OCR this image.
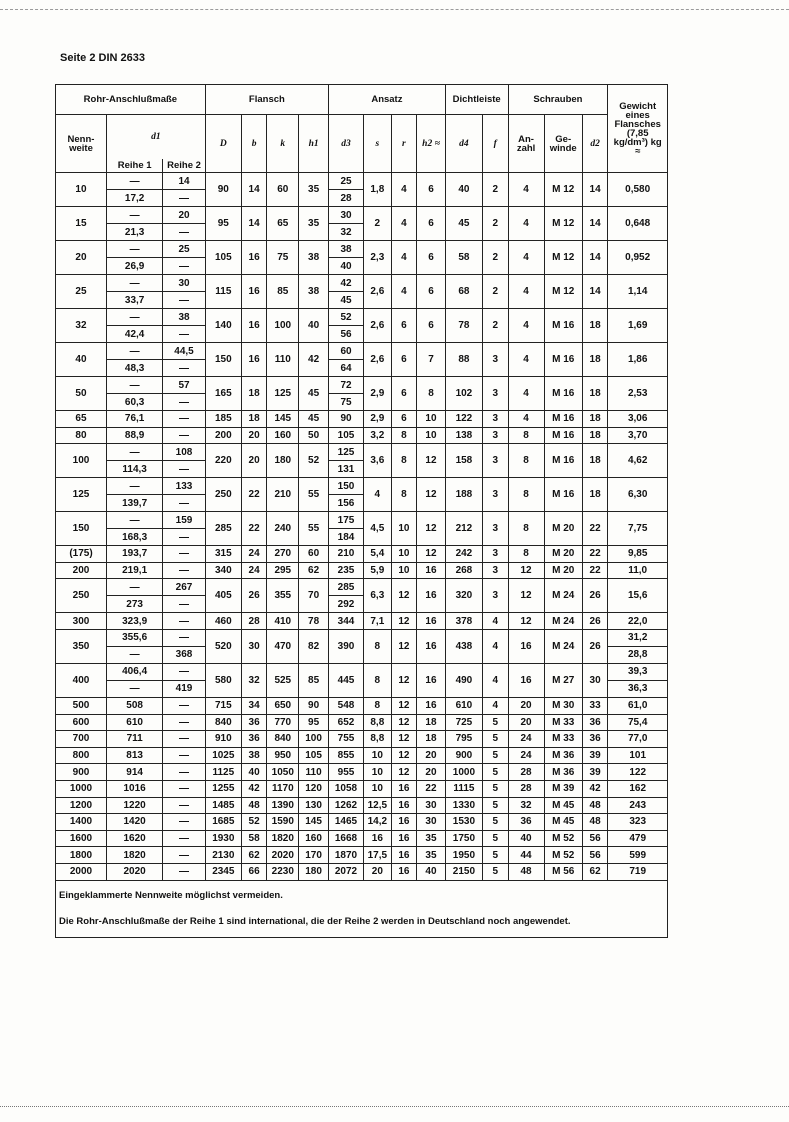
Seite 2 DIN 2633
Rohr-Anschlußmaße			Flansch				Ansatz				Dichtleiste		Schrauben			Gewicht eines Flansches (7,85 kg/dm³) kg ≈
Nenn-weite	d1		D	b	k	h1	d3	s	r	h2 ≈	d4	f	An-zahl	Ge-winde	d2	
	Reihe 1	Reihe 2														
10	—	14	90	14	60	35	25	1,8	4	6	40	2	4	M 12	14	0,580
	17,2	—					28									
15	—	20	95	14	65	35	30	2	4	6	45	2	4	M 12	14	0,648
	21,3	—					32									
20	—	25	105	16	75	38	38	2,3	4	6	58	2	4	M 12	14	0,952
	26,9	—					40									
25	—	30	115	16	85	38	42	2,6	4	6	68	2	4	M 12	14	1,14
	33,7	—					45									
32	—	38	140	16	100	40	52	2,6	6	6	78	2	4	M 16	18	1,69
	42,4	—					56									
40	—	44,5	150	16	110	42	60	2,6	6	7	88	3	4	M 16	18	1,86
	48,3	—					64									
50	—	57	165	18	125	45	72	2,9	6	8	102	3	4	M 16	18	2,53
	60,3	—					75									
65	76,1	—	185	18	145	45	90	2,9	6	10	122	3	4	M 16	18	3,06
80	88,9	—	200	20	160	50	105	3,2	8	10	138	3	8	M 16	18	3,70
100	—	108	220	20	180	52	125	3,6	8	12	158	3	8	M 16	18	4,62
	114,3	—					131									
125	—	133	250	22	210	55	150	4	8	12	188	3	8	M 16	18	6,30
	139,7	—					156									
150	—	159	285	22	240	55	175	4,5	10	12	212	3	8	M 20	22	7,75
	168,3	—					184									
(175)	193,7	—	315	24	270	60	210	5,4	10	12	242	3	8	M 20	22	9,85
200	219,1	—	340	24	295	62	235	5,9	10	16	268	3	12	M 20	22	11,0
250	—	267	405	26	355	70	285	6,3	12	16	320	3	12	M 24	26	15,6
	273	—					292									
300	323,9	—	460	28	410	78	344	7,1	12	16	378	4	12	M 24	26	22,0
350	355,6	—	520	30	470	82	390	8	12	16	438	4	16	M 24	26	31,2
	—	368														28,8
400	406,4	—	580	32	525	85	445	8	12	16	490	4	16	M 27	30	39,3
	—	419														36,3
500	508	—	715	34	650	90	548	8	12	16	610	4	20	M 30	33	61,0
600	610	—	840	36	770	95	652	8,8	12	18	725	5	20	M 33	36	75,4
700	711	—	910	36	840	100	755	8,8	12	18	795	5	24	M 33	36	77,0
800	813	—	1025	38	950	105	855	10	12	20	900	5	24	M 36	39	101
900	914	—	1125	40	1050	110	955	10	12	20	1000	5	28	M 36	39	122
1000	1016	—	1255	42	1170	120	1058	10	16	22	1115	5	28	M 39	42	162
1200	1220	—	1485	48	1390	130	1262	12,5	16	30	1330	5	32	M 45	48	243
1400	1420	—	1685	52	1590	145	1465	14,2	16	30	1530	5	36	M 45	48	323
1600	1620	—	1930	58	1820	160	1668	16	16	35	1750	5	40	M 52	56	479
1800	1820	—	2130	62	2020	170	1870	17,5	16	35	1950	5	44	M 52	56	599
2000	2020	—	2345	66	2230	180	2072	20	16	40	2150	5	48	M 56	62	719
Eingeklammerte Nennweite möglichst vermeiden.																
Die Rohr-Anschlußmaße der Reihe 1 sind international, die der Reihe 2 werden in Deutschland noch angewendet.																
